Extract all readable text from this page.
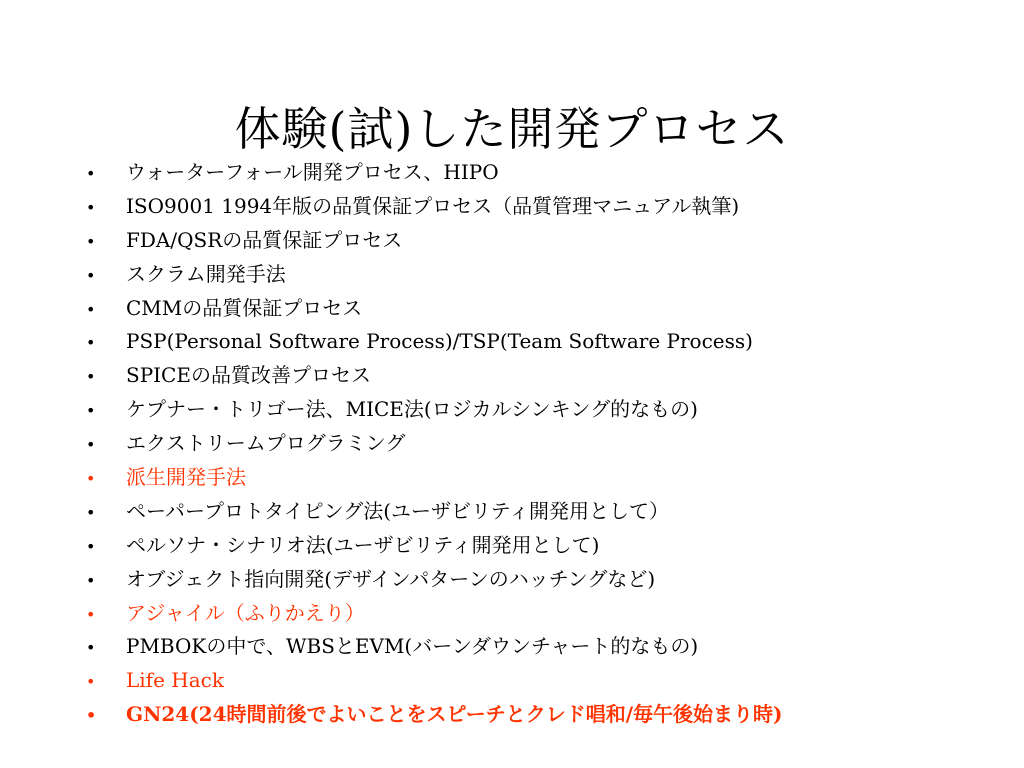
体験(試)した開発プロセス
•	ウォーターフォール開発プロセス、HIPO
•	ISO9001 1994年版の品質保証プロセス（品質管理マニュアル執筆)
•	FDA/QSRの品質保証プロセス
•	スクラム開発手法
•	CMMの品質保証プロセス
•	PSP(Personal Software Process)/TSP(Team Software Process)
•	SPICEの品質改善プロセス
•	ケプナー・トリゴー法、MICE法(ロジカルシンキング的なもの)
•	エクストリームプログラミング
•	派生開発手法
•	ペーパープロトタイピング法(ユーザビリティ開発用として）
•	ペルソナ・シナリオ法(ユーザビリティ開発用として)
•	オブジェクト指向開発(デザインパターンのハッチングなど)
•	アジャイル（ふりかえり）
•	PMBOKの中で、WBSとEVM(バーンダウンチャート的なもの)
•	Life Hack
•	GN24(24時間前後でよいことをスピーチとクレド唱和/毎午後始まり時)
